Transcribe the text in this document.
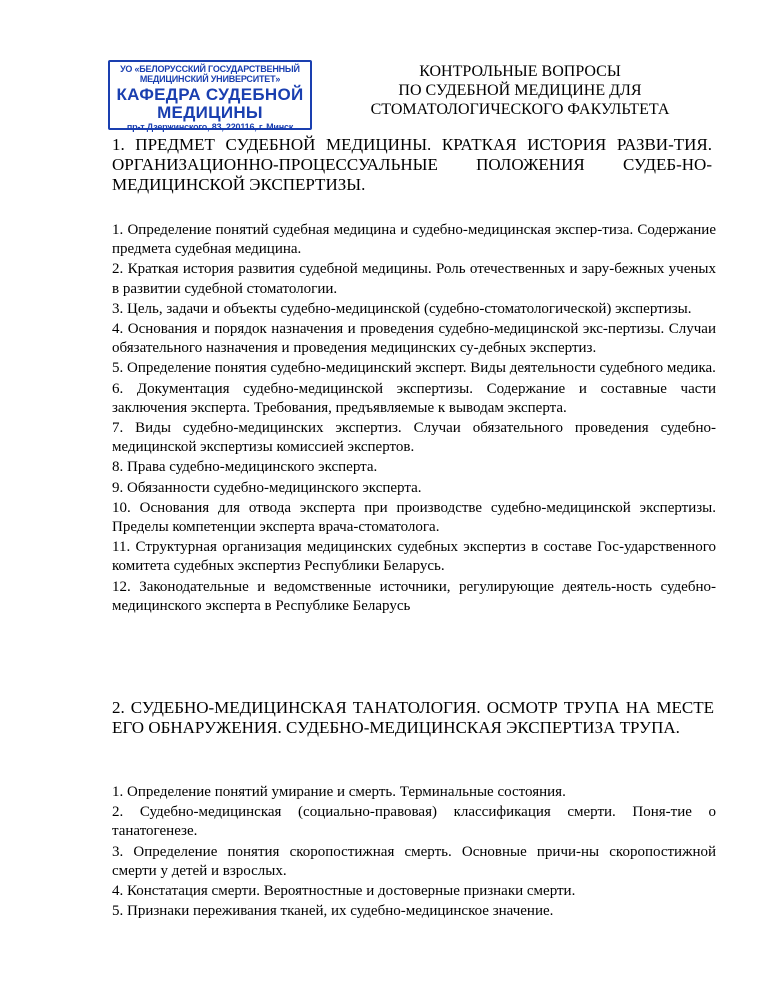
УО «БЕЛОРУССКИЙ ГОСУДАРСТВЕННЫЙ
МЕДИЦИНСКИЙ УНИВЕРСИТЕТ»
КАФЕДРА СУДЕБНОЙ
МЕДИЦИНЫ
пр-т Дзержинского, 83, 220116, г. Минск
КОНТРОЛЬНЫЕ ВОПРОСЫ
ПО СУДЕБНОЙ МЕДИЦИНЕ ДЛЯ
СТОМАТОЛОГИЧЕСКОГО ФАКУЛЬТЕТА
1. ПРЕДМЕТ СУДЕБНОЙ МЕДИЦИНЫ. КРАТКАЯ ИСТОРИЯ РАЗВИ-ТИЯ. ОРГАНИЗАЦИОННО-ПРОЦЕССУАЛЬНЫЕ ПОЛОЖЕНИЯ СУДЕБ-НО-МЕДИЦИНСКОЙ ЭКСПЕРТИЗЫ.
1. Определение понятий судебная медицина и судебно-медицинская экспер-тиза. Содержание предмета судебная медицина.
2. Краткая история развития судебной медицины. Роль отечественных и зару-бежных ученых в развитии судебной стоматологии.
3. Цель, задачи и объекты судебно-медицинской (судебно-стоматологической) экспертизы.
4. Основания и порядок назначения и проведения судебно-медицинской экс-пертизы. Случаи обязательного назначения и проведения медицинских су-дебных экспертиз.
5. Определение понятия судебно-медицинский эксперт. Виды деятельности судебного медика.
6. Документация судебно-медицинской экспертизы. Содержание и составные части заключения эксперта. Требования, предъявляемые к выводам эксперта.
7. Виды судебно-медицинских экспертиз. Случаи обязательного проведения судебно-медицинской экспертизы комиссией экспертов.
8. Права судебно-медицинского эксперта.
9. Обязанности судебно-медицинского эксперта.
10. Основания для отвода эксперта при производстве судебно-медицинской экспертизы. Пределы компетенции эксперта врача-стоматолога.
11. Структурная организация медицинских судебных экспертиз в составе Гос-ударственного комитета судебных экспертиз Республики Беларусь.
12. Законодательные и ведомственные источники, регулирующие деятель-ность судебно-медицинского эксперта в Республике Беларусь
2. СУДЕБНО-МЕДИЦИНСКАЯ ТАНАТОЛОГИЯ. ОСМОТР ТРУПА НА МЕСТЕ ЕГО ОБНАРУЖЕНИЯ. СУДЕБНО-МЕДИЦИНСКАЯ ЭКСПЕРТИЗА ТРУПА.
1. Определение понятий умирание и смерть. Терминальные состояния.
2. Судебно-медицинская (социально-правовая) классификация смерти. Поня-тие о танатогенезе.
3. Определение понятия скоропостижная смерть. Основные причи-ны скоропостижной смерти у детей и взрослых.
4. Констатация смерти. Вероятностные и достоверные признаки смерти.
5. Признаки переживания тканей, их судебно-медицинское значение.
